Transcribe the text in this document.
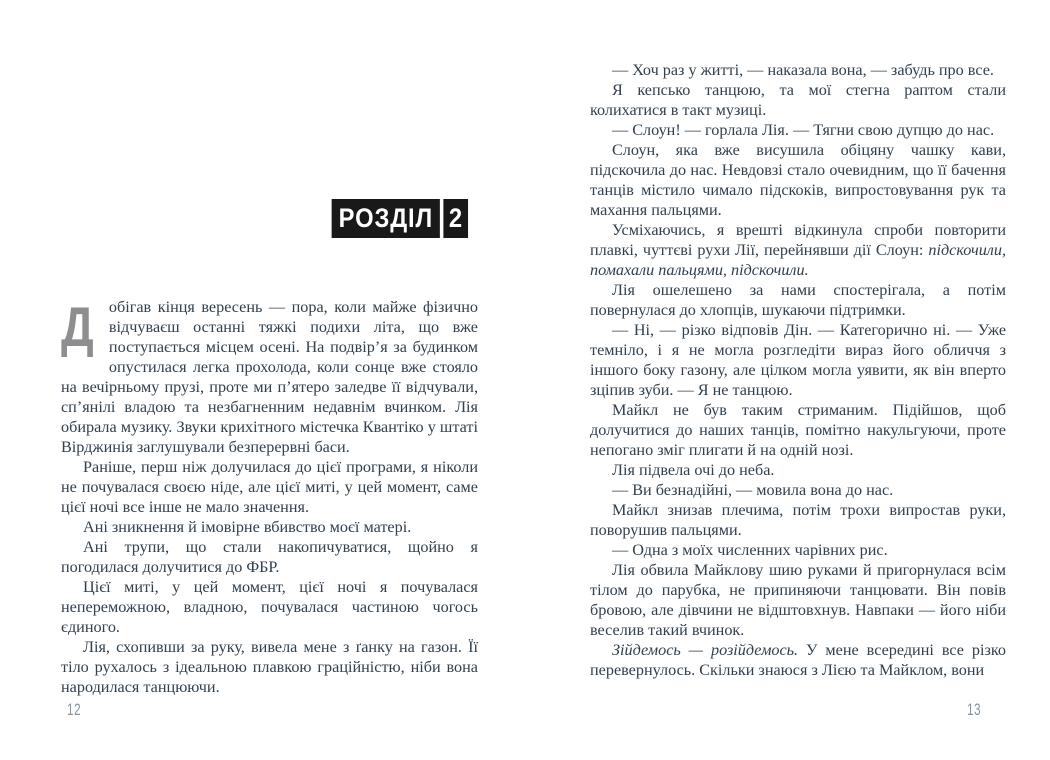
РОЗДІЛ 2

Добігав кінця вересень — пора, коли майже фізично відчуваєш останні тяжкі подихи літа, що вже поступається місцем осені. На подвір’я за будинком опустилася легка прохолода, коли сонце вже стояло на вечірньому прузі, проте ми п’ятеро заледве її відчували, сп’янілі владою та незбагненним недавнім вчинком. Лія обирала музику. Звуки крихітного містечка Квантіко у штаті Вірджинія заглушували безперервні баси.

Раніше, перш ніж долучилася до цієї програми, я ніколи не почувалася своєю ніде, але цієї миті, у цей момент, саме цієї ночі все інше не мало значення.

Ані зникнення й імовірне вбивство моєї матері.

Ані трупи, що стали накопичуватися, щойно я погодилася долучитися до ФБР.

Цієї миті, у цей момент, цієї ночі я почувалася непереможною, владною, почувалася частиною чогось єдиного.

Лія, схопивши за руку, вивела мене з ґанку на газон. Її тіло рухалось з ідеальною плавкою граційністю, ніби вона народилася танцюючи.

12

— Хоч раз у житті, — наказала вона, — забудь про все.

Я кепсько танцюю, та мої стегна раптом стали колихатися в такт музиці.

— Слоун! — горлала Лія. — Тягни свою дупцю до нас.

Слоун, яка вже висушила обіцяну чашку кави, підскочила до нас. Невдовзі стало очевидним, що її бачення танців містило чимало підскоків, випростовування рук та махання пальцями.

Усміхаючись, я врешті відкинула спроби повторити плавкі, чуттєві рухи Лії, перейнявши дії Слоун: підскочили, помахали пальцями, підскочили.

Лія ошелешено за нами спостерігала, а потім повернулася до хлопців, шукаючи підтримки.

— Ні, — різко відповів Дін. — Категорично ні. — Уже темніло, і я не могла розгледіти вираз його обличчя з іншого боку газону, але цілком могла уявити, як він вперто зціпив зуби. — Я не танцюю.

Майкл не був таким стриманим. Підійшов, щоб долучитися до наших танців, помітно накульгуючи, проте непогано зміг плигати й на одній нозі.

Лія підвела очі до неба.

— Ви безнадійні, — мовила вона до нас.

Майкл знизав плечима, потім трохи випростав руки, поворушив пальцями.

— Одна з моїх численних чарівних рис.

Лія обвила Майклову шию руками й пригорнулася всім тілом до парубка, не припиняючи танцювати. Він повів бровою, але дівчини не відштовхнув. Навпаки — його ніби веселив такий вчинок.

Зійдемось — розійдемось. У мене всередині все різко перевернулось. Скільки знаюся з Лією та Майклом, вони

13
